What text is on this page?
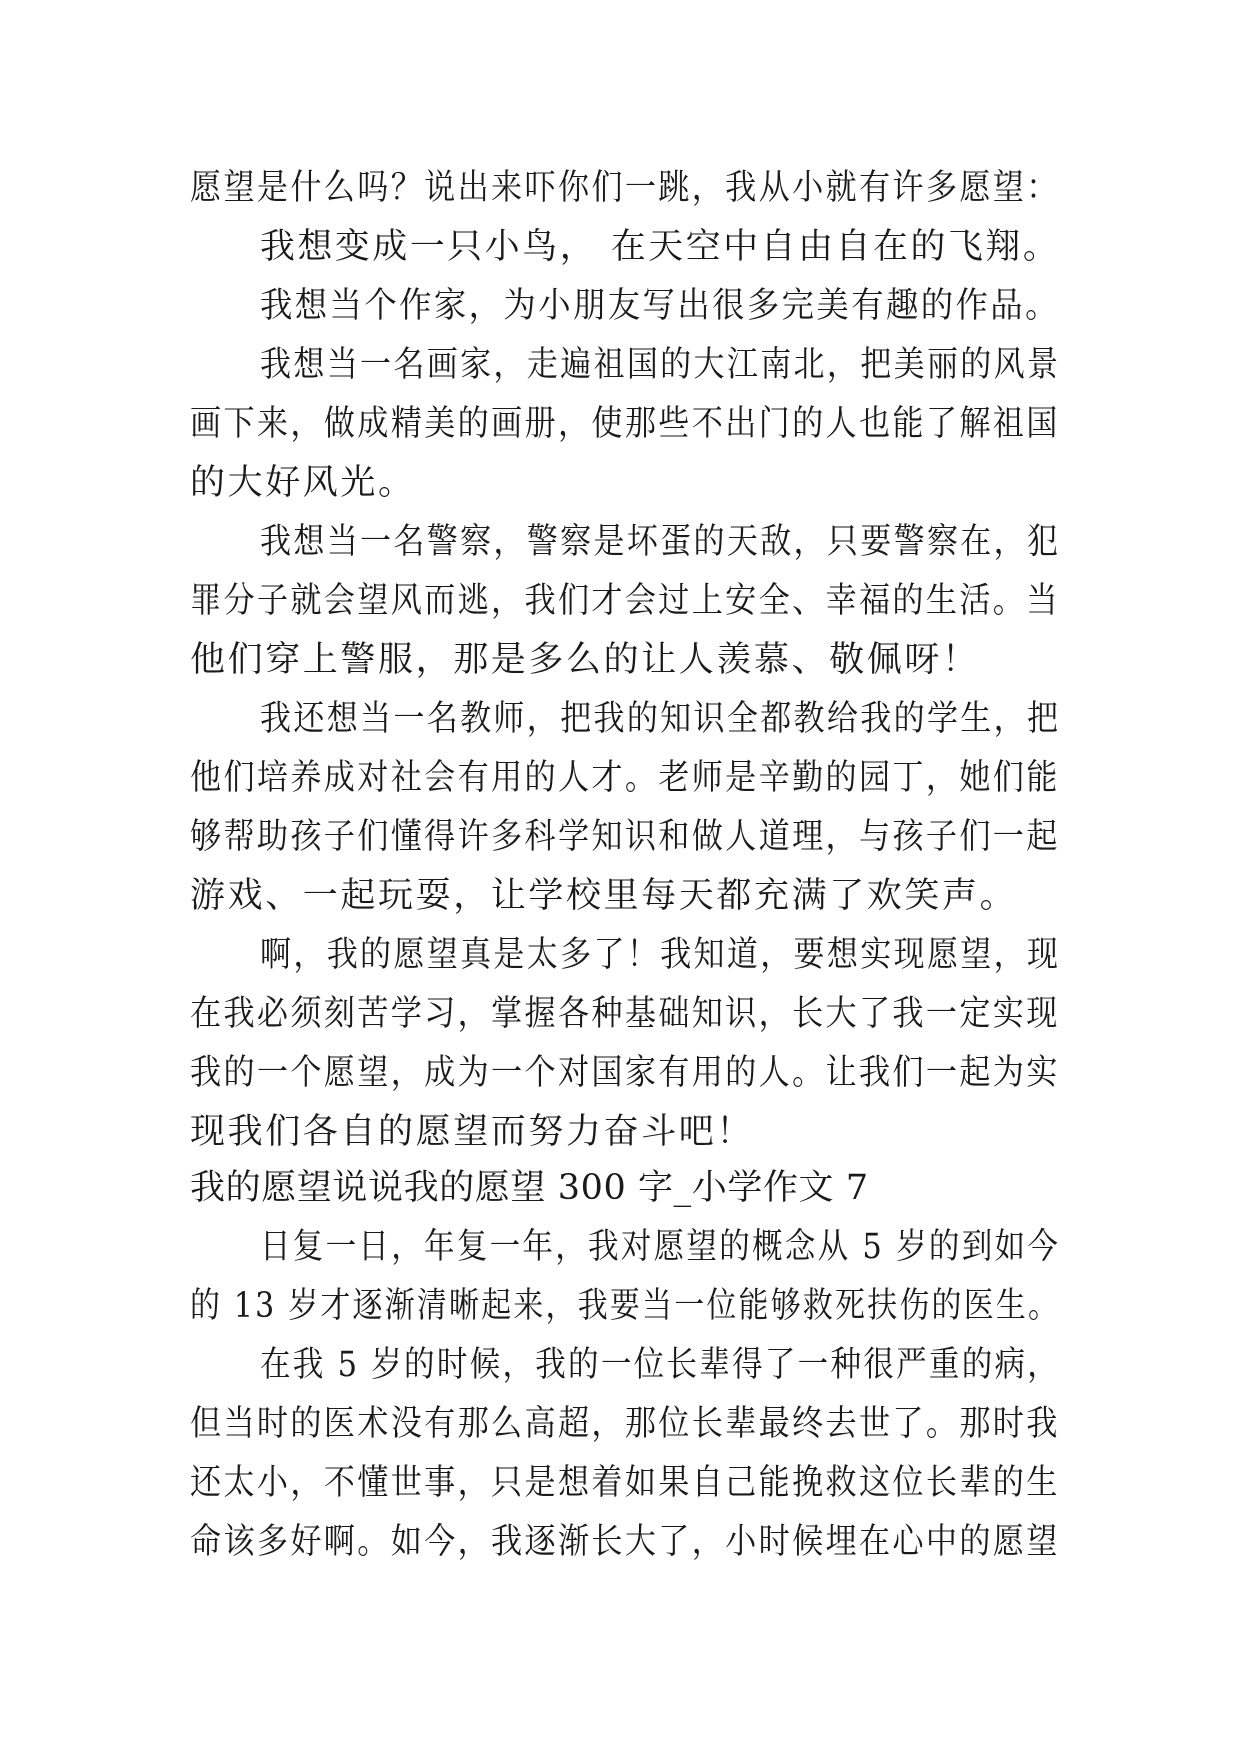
愿望是什么吗？说出来吓你们一跳，我从小就有许多愿望：
我想变成一只小鸟， 在天空中自由自在的飞翔。
我想当个作家，为小朋友写出很多完美有趣的作品。
我想当一名画家，走遍祖国的大江南北，把美丽的风景
画下来，做成精美的画册，使那些不出门的人也能了解祖国
的大好风光。
我想当一名警察，警察是坏蛋的天敌，只要警察在，犯
罪分子就会望风而逃，我们才会过上安全、幸福的生活。当
他们穿上警服，那是多么的让人羡慕、敬佩呀！
我还想当一名教师，把我的知识全都教给我的学生，把
他们培养成对社会有用的人才。老师是辛勤的园丁，她们能
够帮助孩子们懂得许多科学知识和做人道理，与孩子们一起
游戏、一起玩耍，让学校里每天都充满了欢笑声。
啊，我的愿望真是太多了！我知道，要想实现愿望，现
在我必须刻苦学习，掌握各种基础知识，长大了我一定实现
我的一个愿望，成为一个对国家有用的人。让我们一起为实
现我们各自的愿望而努力奋斗吧！
我的愿望说说我的愿望 300 字_小学作文 7
日复一日，年复一年，我对愿望的概念从 5 岁的到如今
的 13 岁才逐渐清晰起来，我要当一位能够救死扶伤的医生。
在我 5 岁的时候，我的一位长辈得了一种很严重的病，
但当时的医术没有那么高超，那位长辈最终去世了。那时我
还太小，不懂世事，只是想着如果自己能挽救这位长辈的生
命该多好啊。如今，我逐渐长大了，小时候埋在心中的愿望
